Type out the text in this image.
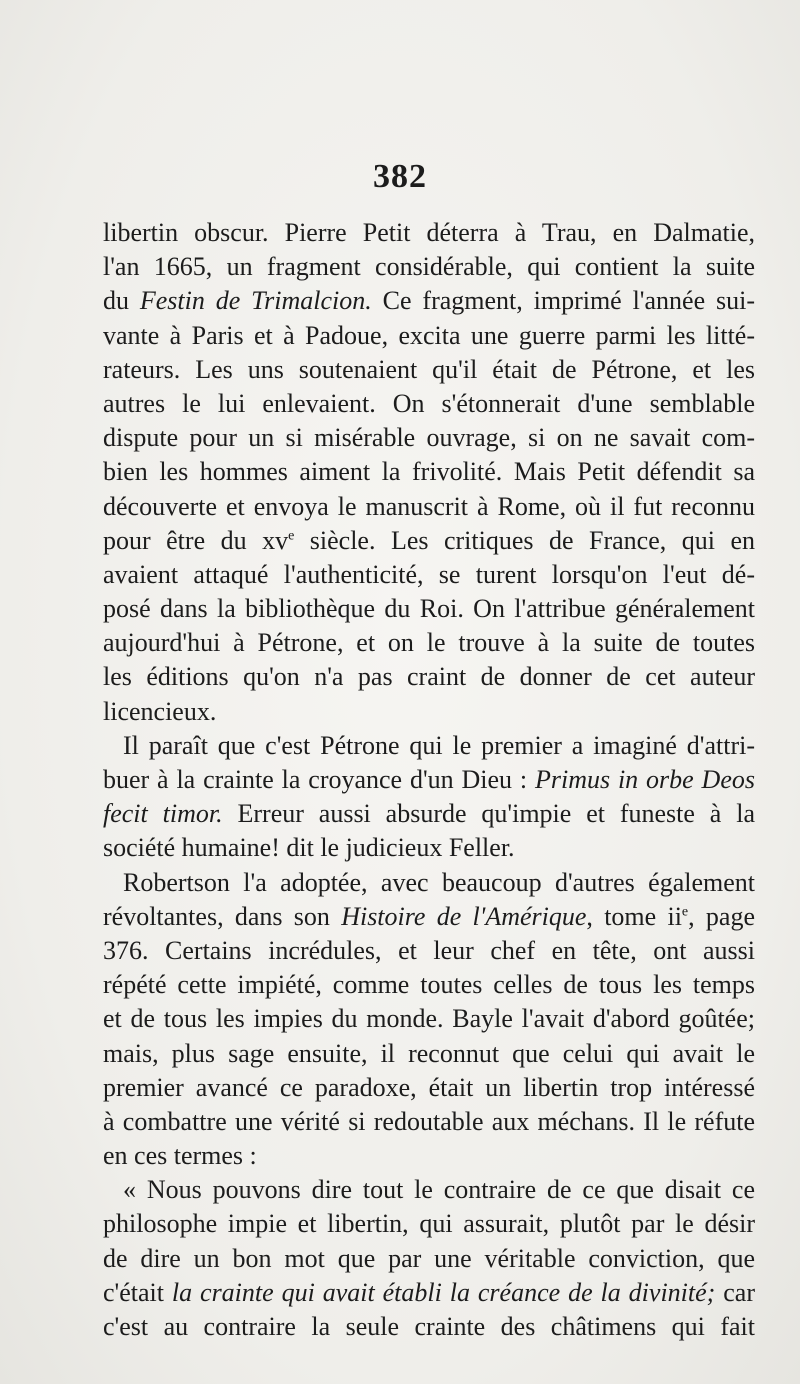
382
libertin obscur. Pierre Petit déterra à Trau, en Dalmatie,
l'an 1665, un fragment considérable, qui contient la suite
du Festin de Trimalcion. Ce fragment, imprimé l'année sui-
vante à Paris et à Padoue, excita une guerre parmi les litté-
rateurs. Les uns soutenaient qu'il était de Pétrone, et les
autres le lui enlevaient. On s'étonnerait d'une semblable
dispute pour un si misérable ouvrage, si on ne savait com-
bien les hommes aiment la frivolité. Mais Petit défendit sa
découverte et envoya le manuscrit à Rome, où il fut reconnu
pour être du $xv^e$ siècle. Les critiques de France, qui en
avaient attaqué l'authenticité, se turent lorsqu'on l'eut dé-
posé dans la bibliothèque du Roi. On l'attribue généralement
aujourd'hui à Pétrone, et on le trouve à la suite de toutes
les éditions qu'on n'a pas craint de donner de cet auteur
licencieux.
Il paraît que c'est Pétrone qui le premier a imaginé d'attri-
buer à la crainte la croyance d'un Dieu : Primus in orbe Deos
fecit timor. Erreur aussi absurde qu'impie et funeste à la
société humaine! dit le judicieux Feller.
Robertson l'a adoptée, avec beaucoup d'autres également
révoltantes, dans son Histoire de l'Amérique, tome $ii^e$, page
376. Certains incrédules, et leur chef en tête, ont aussi
répété cette impiété, comme toutes celles de tous les temps
et de tous les impies du monde. Bayle l'avait d'abord goûtée;
mais, plus sage ensuite, il reconnut que celui qui avait le
premier avancé ce paradoxe, était un libertin trop intéressé
à combattre une vérité si redoutable aux méchans. Il le réfute
en ces termes :
« Nous pouvons dire tout le contraire de ce que disait ce
philosophe impie et libertin, qui assurait, plutôt par le désir
de dire un bon mot que par une véritable conviction, que
c'était la crainte qui avait établi la créance de la divinité; car
c'est au contraire la seule crainte des châtimens qui fait
